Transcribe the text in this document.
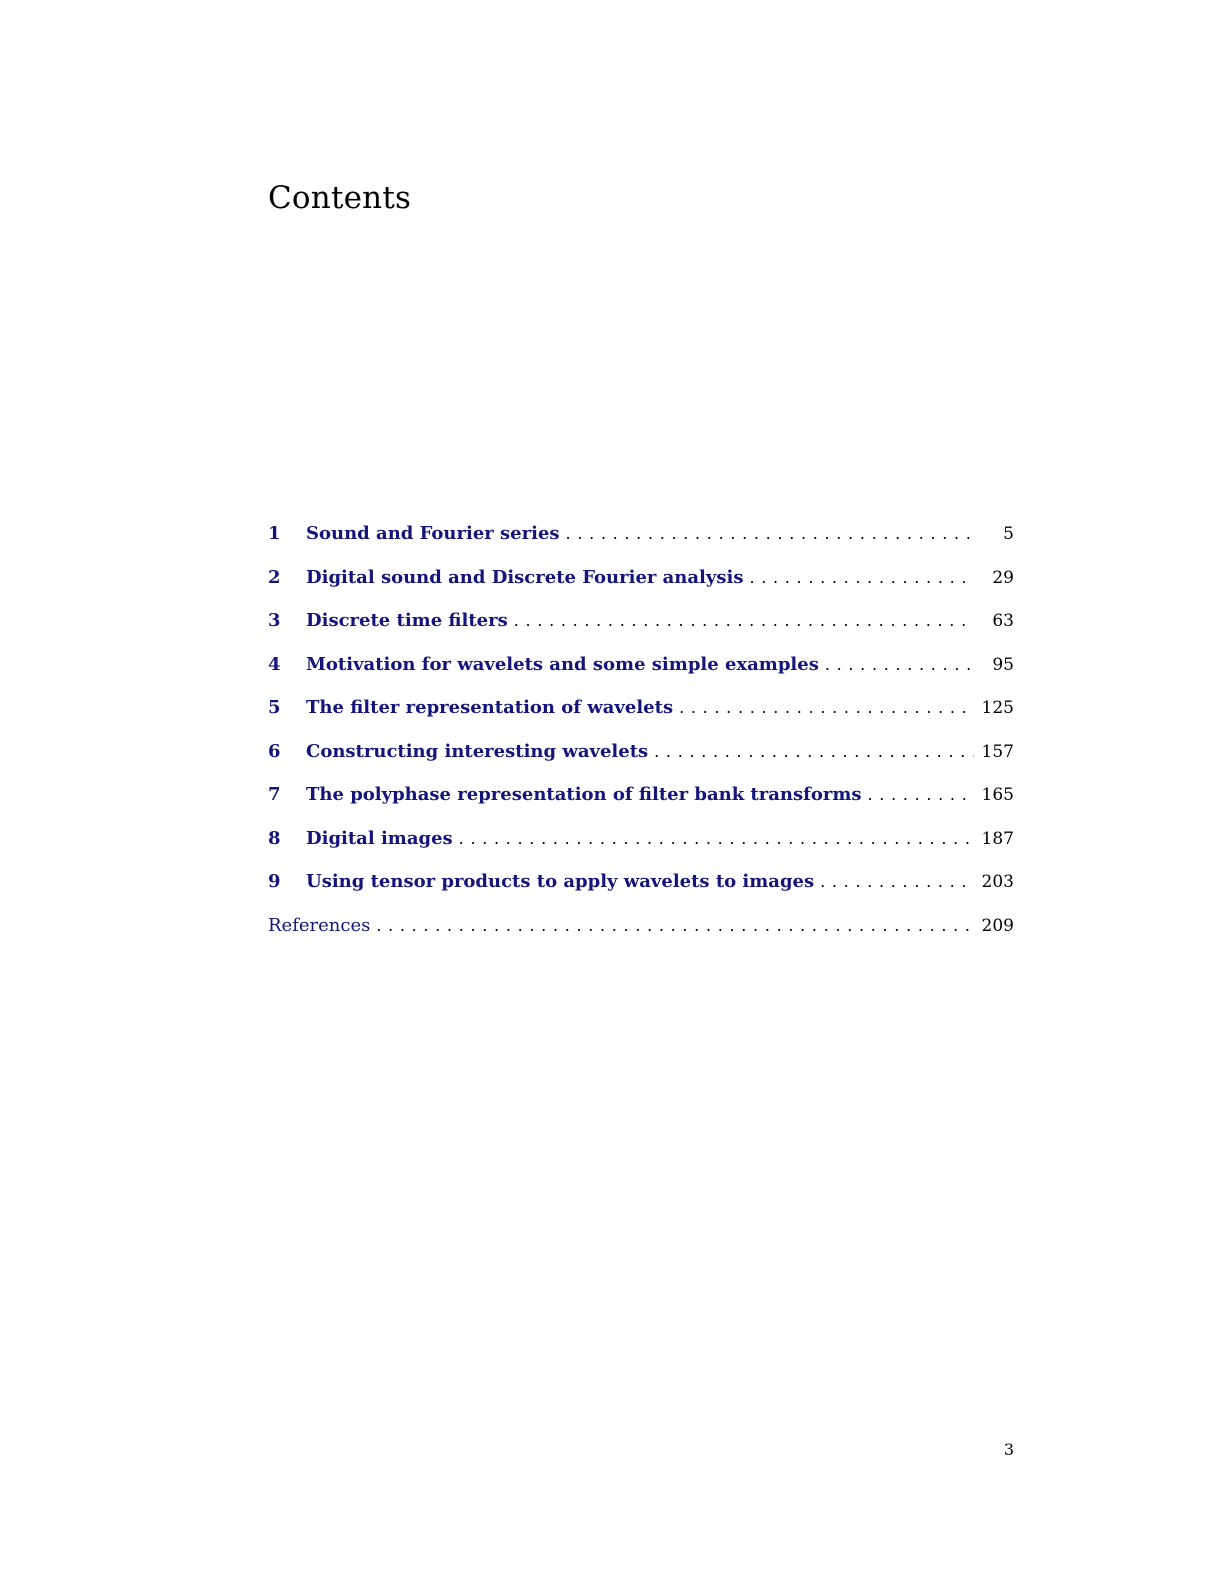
Contents
1	Sound and Fourier series . . .	5
2	Digital sound and Discrete Fourier analysis . . .	29
3	Discrete time filters . . .	63
4	Motivation for wavelets and some simple examples . . .	95
5	The filter representation of wavelets . . .	125
6	Constructing interesting wavelets . . .	157
7	The polyphase representation of filter bank transforms . . .	165
8	Digital images . . .	187
9	Using tensor products to apply wavelets to images . . .	203
References . . .	209
3
